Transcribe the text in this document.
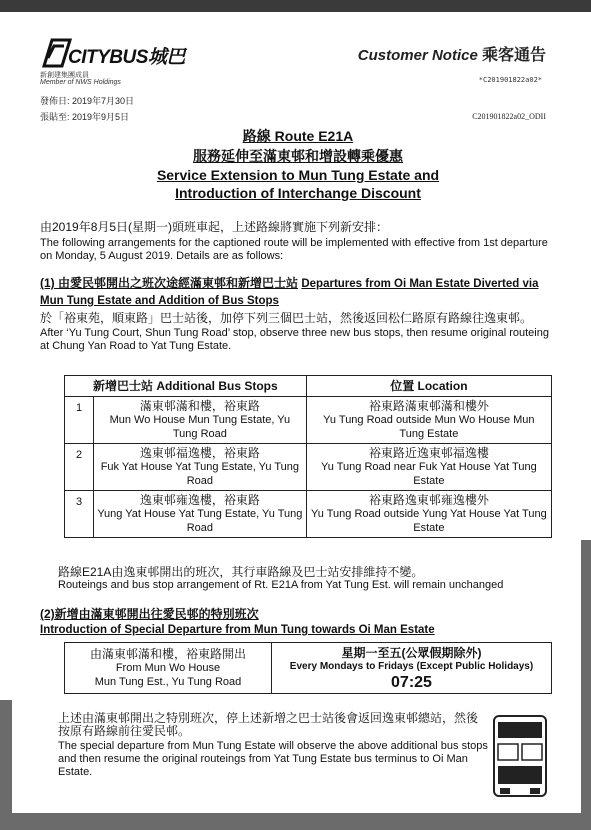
CITYBUS城巴
新創建集團成員
Member of NWS Holdings
Customer Notice 乘客通告
*C201901822a02*
發佈日: 2019年7月30日
張貼至: 2019年9月5日	C201901822a02_ODII
路線 Route E21A
服務延伸至滿東邨和增設轉乘優惠
Service Extension to Mun Tung Estate and
Introduction of Interchange Discount
由2019年8月5日(星期一)頭班車起，上述路線將實施下列新安排：
The following arrangements for the captioned route will be implemented with effective from 1st departure on Monday, 5 August 2019. Details are as follows:
(1) 由愛民邨開出之班次途經滿東邨和新增巴士站 Departures from Oi Man Estate Diverted via Mun Tung Estate and Addition of Bus Stops
於「裕東苑，順東路」巴士站後，加停下列三個巴士站，然後返回松仁路原有路線往逸東邨。
After ‘Yu Tung Court, Shun Tung Road’ stop, observe three new bus stops, then resume original routeing at Chung Yan Road to Yat Tung Estate.
新增巴士站 Additional Bus Stops		位置 Location
1	滿東邨滿和樓，裕東路
Mun Wo House Mun Tung Estate, Yu Tung Road	裕東路滿東邨滿和樓外
Yu Tung Road outside Mun Wo House Mun Tung Estate
2	逸東邨福逸樓，裕東路
Fuk Yat House Yat Tung Estate, Yu Tung Road	裕東路近逸東邨福逸樓
Yu Tung Road near Fuk Yat House Yat Tung Estate
3	逸東邨雍逸樓，裕東路
Yung Yat House Yat Tung Estate, Yu Tung Road	裕東路逸東邨雍逸樓外
Yu Tung Road outside Yung Yat House Yat Tung Estate
路線E21A由逸東邨開出的班次，其行車路線及巴士站安排維持不變。
Routeings and bus stop arrangement of Rt. E21A from Yat Tung Est. will remain unchanged
(2)新增由滿東邨開出往愛民邨的特別班次
Introduction of Special Departure from Mun Tung towards Oi Man Estate
由滿東邨滿和樓，裕東路開出
From Mun Wo House
Mun Tung Est., Yu Tung Road

星期一至五(公眾假期除外)
Every Mondays to Fridays (Except Public Holidays)
07:25
上述由滿東邨開出之特別班次，停上述新增之巴士站後會返回逸東邨總站，然後按原有路線前往愛民邨。
The special departure from Mun Tung Estate will observe the above additional bus stops and then resume the original routeings from Yat Tung Estate bus terminus to Oi Man Estate.
